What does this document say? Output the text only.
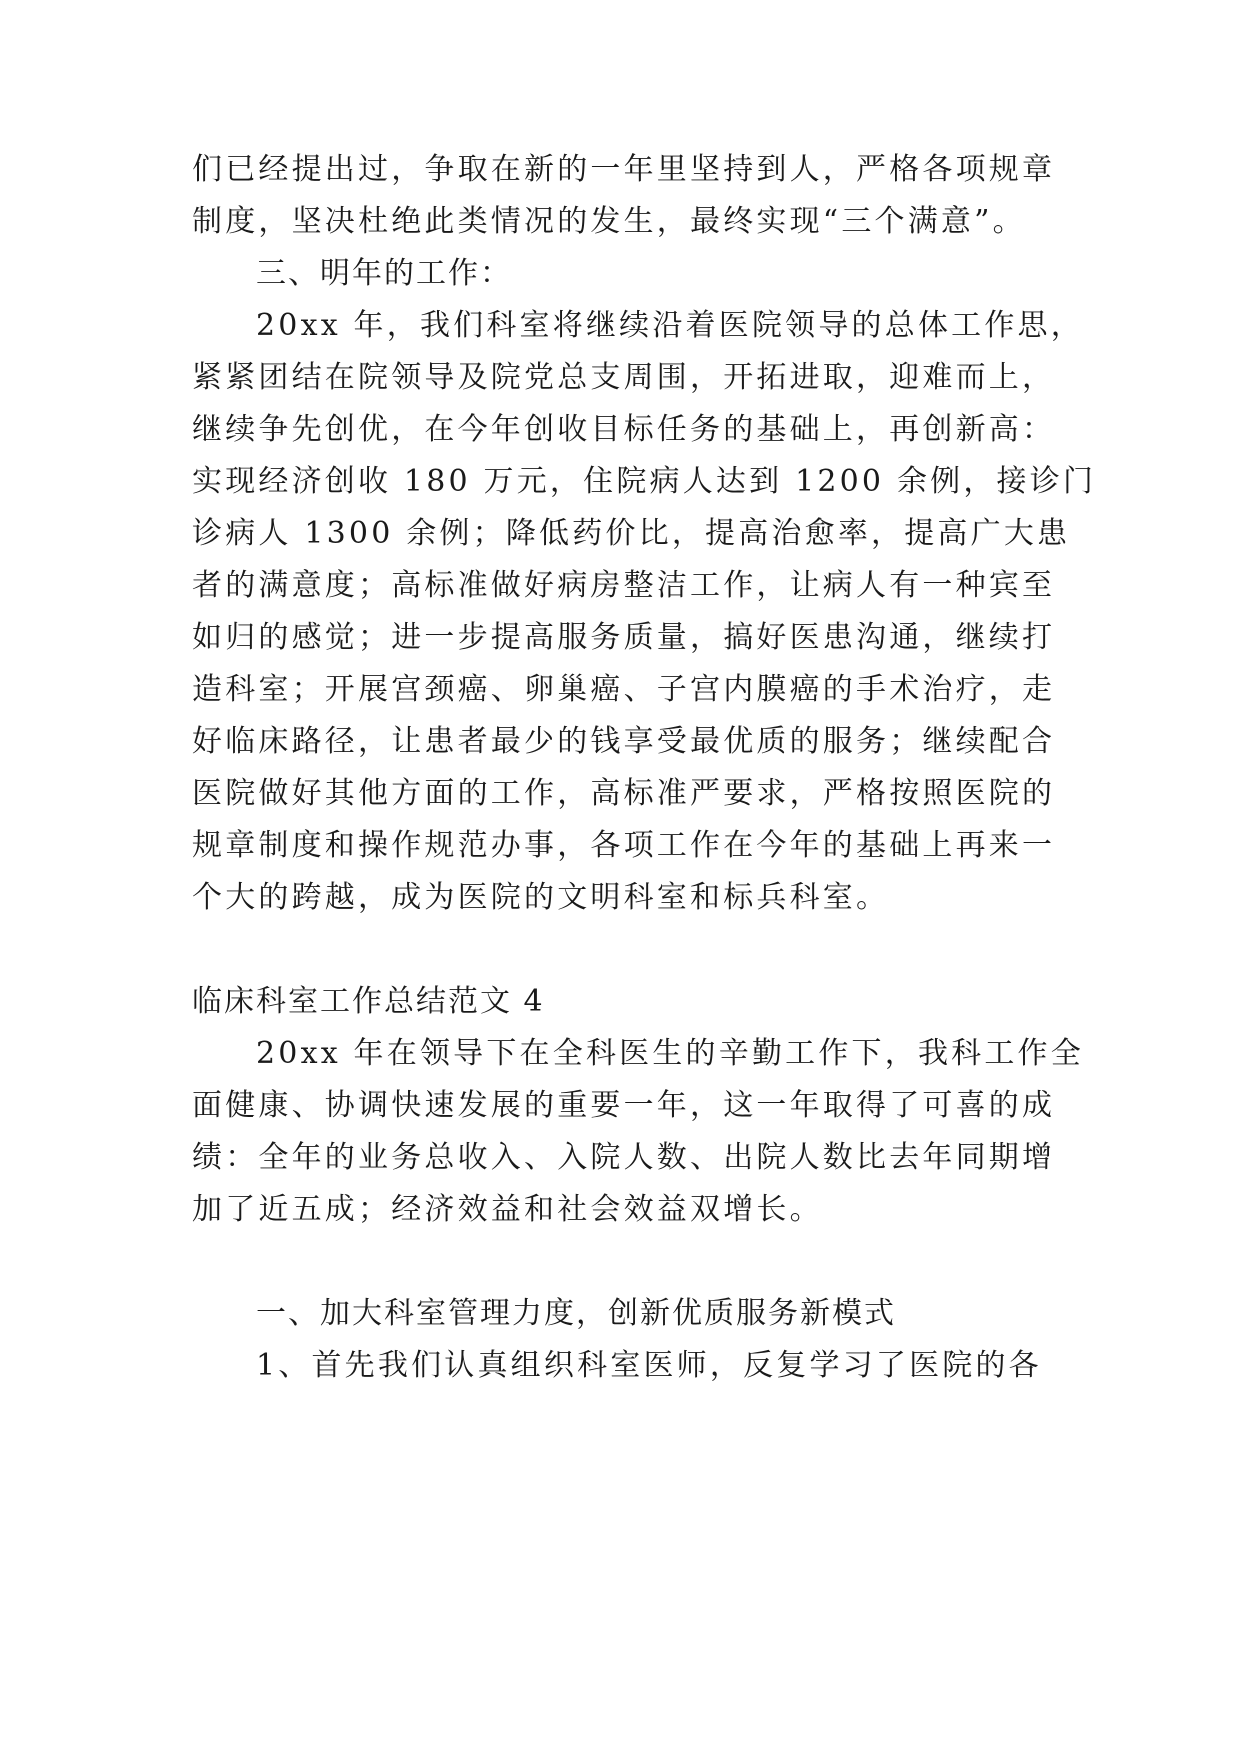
们已经提出过，争取在新的一年里坚持到人，严格各项规章
制度，坚决杜绝此类情况的发生，最终实现“三个满意”。
三、明年的工作：
20xx 年，我们科室将继续沿着医院领导的总体工作思，
紧紧团结在院领导及院党总支周围，开拓进取，迎难而上，
继续争先创优，在今年创收目标任务的基础上，再创新高：
实现经济创收 180 万元，住院病人达到 1200 余例，接诊门
诊病人 1300 余例；降低药价比，提高治愈率，提高广大患
者的满意度；高标准做好病房整洁工作，让病人有一种宾至
如归的感觉；进一步提高服务质量，搞好医患沟通，继续打
造科室；开展宫颈癌、卵巢癌、子宫内膜癌的手术治疗，走
好临床路径，让患者最少的钱享受最优质的服务；继续配合
医院做好其他方面的工作，高标准严要求，严格按照医院的
规章制度和操作规范办事，各项工作在今年的基础上再来一
个大的跨越，成为医院的文明科室和标兵科室。
临床科室工作总结范文 4
20xx 年在领导下在全科医生的辛勤工作下，我科工作全
面健康、协调快速发展的重要一年，这一年取得了可喜的成
绩：全年的业务总收入、入院人数、出院人数比去年同期增
加了近五成；经济效益和社会效益双增长。
一、加大科室管理力度，创新优质服务新模式
1、首先我们认真组织科室医师，反复学习了医院的各
